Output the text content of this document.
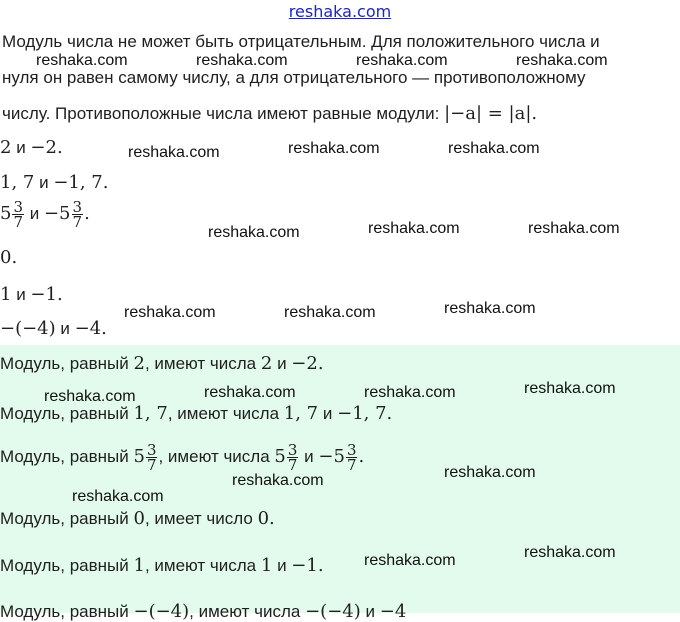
reshaka.com
Модуль числа не может быть отрицательным. Для положительного числа и
нуля он равен самому числу, а для отрицательного — противоположному
числу. Противоположные числа имеют равные модули: |−a| = |a|.
2 и −2.
1, 7 и −1, 7.
$5 \frac{3}{7}$ $и -5 \frac{3}{7}$ .
0.
1 и −1.
−(−4) и −4.
Модуль, равный 2, имеют числа 2 и −2.
Модуль, равный 1, 7, имеют числа 1, 7 и −1, 7.
Модуль, равный $5 \frac{3}{7}$ , имеют числа $5 \frac{3}{7}$ $и -5 \frac{3}{7}$ .
Модуль, равный 0, имеет число 0.
Модуль, равный 1, имеют числа 1 и −1.
Модуль, равный −(−4), имеют числа −(−4) и −4
reshaka.com	reshaka.com	reshaka.com	reshaka.com
reshaka.com	reshaka.com	reshaka.com
reshaka.com	reshaka.com	reshaka.com
reshaka.com	reshaka.com	reshaka.com
reshaka.com	reshaka.com	reshaka.com	reshaka.com
reshaka.com	reshaka.com
reshaka.com
reshaka.com	reshaka.com
